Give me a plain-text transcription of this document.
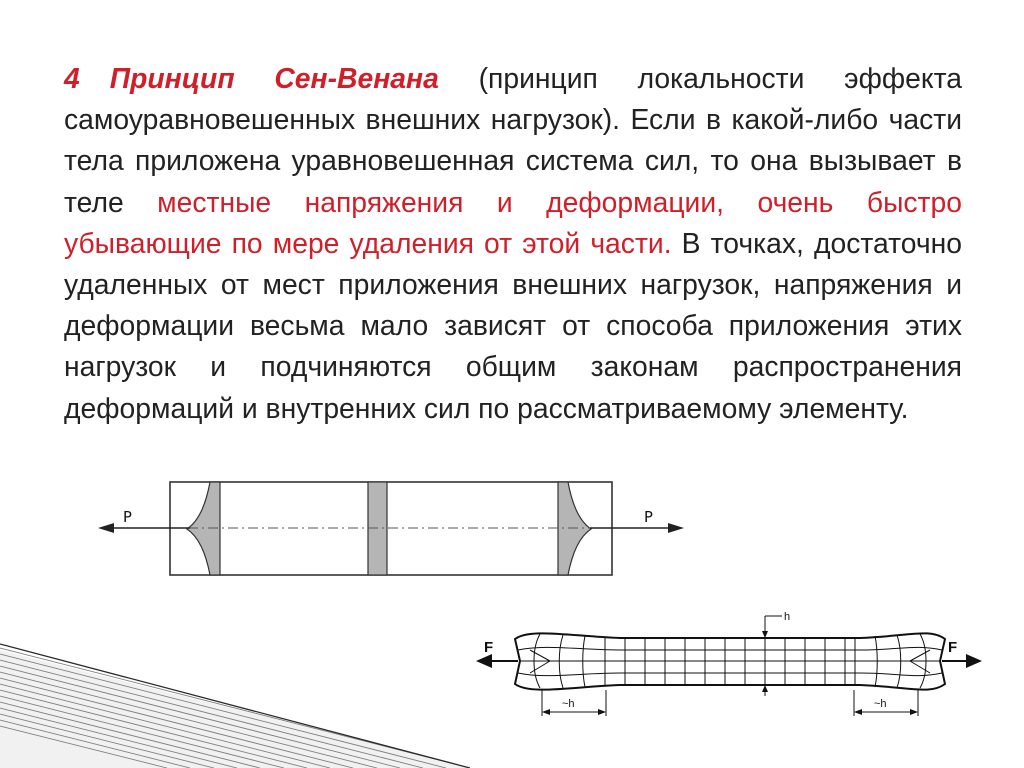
4 Принцип Сен-Венана (принцип локальности эффекта самоуравновешенных внешних нагрузок). Если в какой-либо части тела приложена уравновешенная система сил, то она вызывает в теле местные напряжения и деформации, очень быстро убывающие по мере удаления от этой части. В точках, достаточно удаленных от мест приложения внешних нагрузок, напряжения и деформации весьма мало зависят от способа приложения этих нагрузок и подчиняются общим законам распространения деформаций и внутренних сил по рассматриваемому элементу.
P	P
F	F
h
~h	~h
